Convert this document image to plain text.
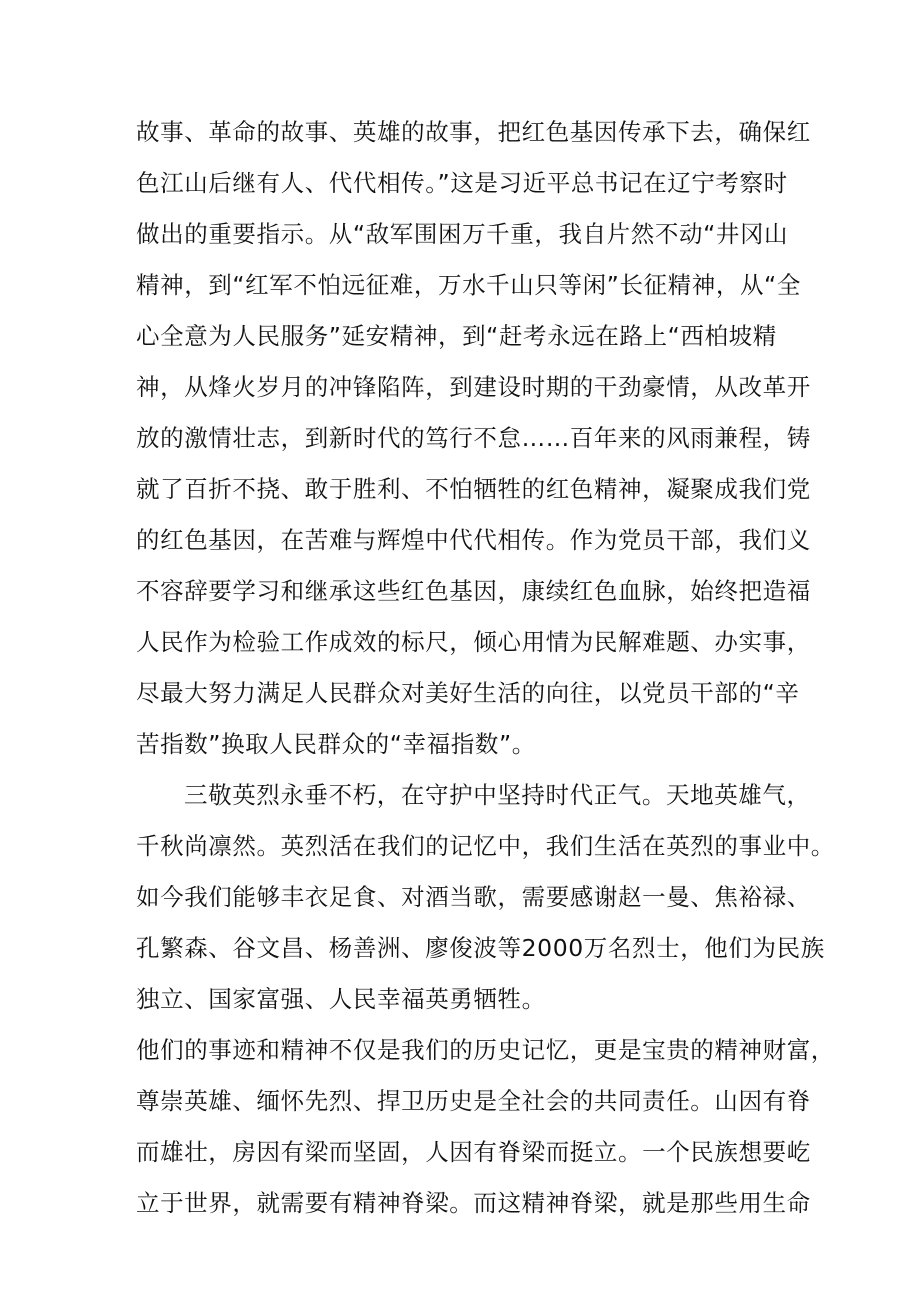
故事、革命的故事、英雄的故事，把红色基因传承下去，确保红
色江山后继有人、代代相传。”这是习近平总书记在辽宁考察时
做出的重要指示。从“敌军围困万千重，我自片然不动“井冈山
精神，到“红军不怕远征难，万水千山只等闲”长征精神，从“全
心全意为人民服务”延安精神，到“赶考永远在路上“西柏坡精
神，从烽火岁月的冲锋陷阵，到建设时期的干劲豪情，从改革开
放的激情壮志，到新时代的笃行不怠……百年来的风雨兼程，铸
就了百折不挠、敢于胜利、不怕牺牲的红色精神，凝聚成我们党
的红色基因，在苦难与辉煌中代代相传。作为党员干部，我们义
不容辞要学习和继承这些红色基因，康续红色血脉，始终把造福
人民作为检验工作成效的标尺，倾心用情为民解难题、办实事，
尽最大努力满足人民群众对美好生活的向往，以党员干部的“辛
苦指数”换取人民群众的“幸福指数”。
三敬英烈永垂不朽，在守护中坚持时代正气。天地英雄气，
千秋尚凛然。英烈活在我们的记忆中，我们生活在英烈的事业中。
如今我们能够丰衣足食、对酒当歌，需要感谢赵一曼、焦裕禄、
孔繁森、谷文昌、杨善洲、廖俊波等2000万名烈士，他们为民族
独立、国家富强、人民幸福英勇牺牲。
他们的事迹和精神不仅是我们的历史记忆，更是宝贵的精神财富，
尊崇英雄、缅怀先烈、捍卫历史是全社会的共同责任。山因有脊
而雄壮，房因有梁而坚固，人因有脊梁而挺立。一个民族想要屹
立于世界，就需要有精神脊梁。而这精神脊梁，就是那些用生命
